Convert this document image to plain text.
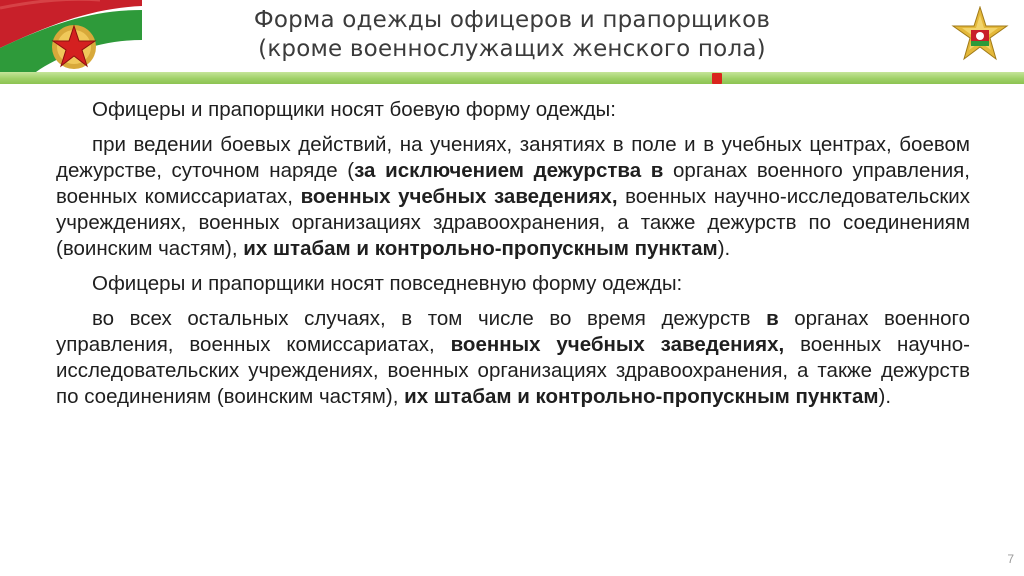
Форма одежды офицеров и прапорщиков
(кроме военнослужащих женского пола)

Офицеры и прапорщики носят боевую форму одежды:

при ведении боевых действий, на учениях, занятиях в поле и в учебных центрах, боевом дежурстве, суточном наряде (за исключением дежурства в органах военного управления, военных комиссариатах, военных учебных заведениях, военных научно-исследовательских учреждениях, военных организациях здравоохранения, а также дежурств по соединениям (воинским частям), их штабам и контрольно-пропускным пунктам).

Офицеры и прапорщики носят повседневную форму одежды:

во всех остальных случаях, в том числе во время дежурств в органах военного управления, военных комиссариатах, военных учебных заведениях, военных научно-исследовательских учреждениях, военных организациях здравоохранения, а также дежурств по соединениям (воинским частям), их штабам и контрольно-пропускным пунктам).

7
